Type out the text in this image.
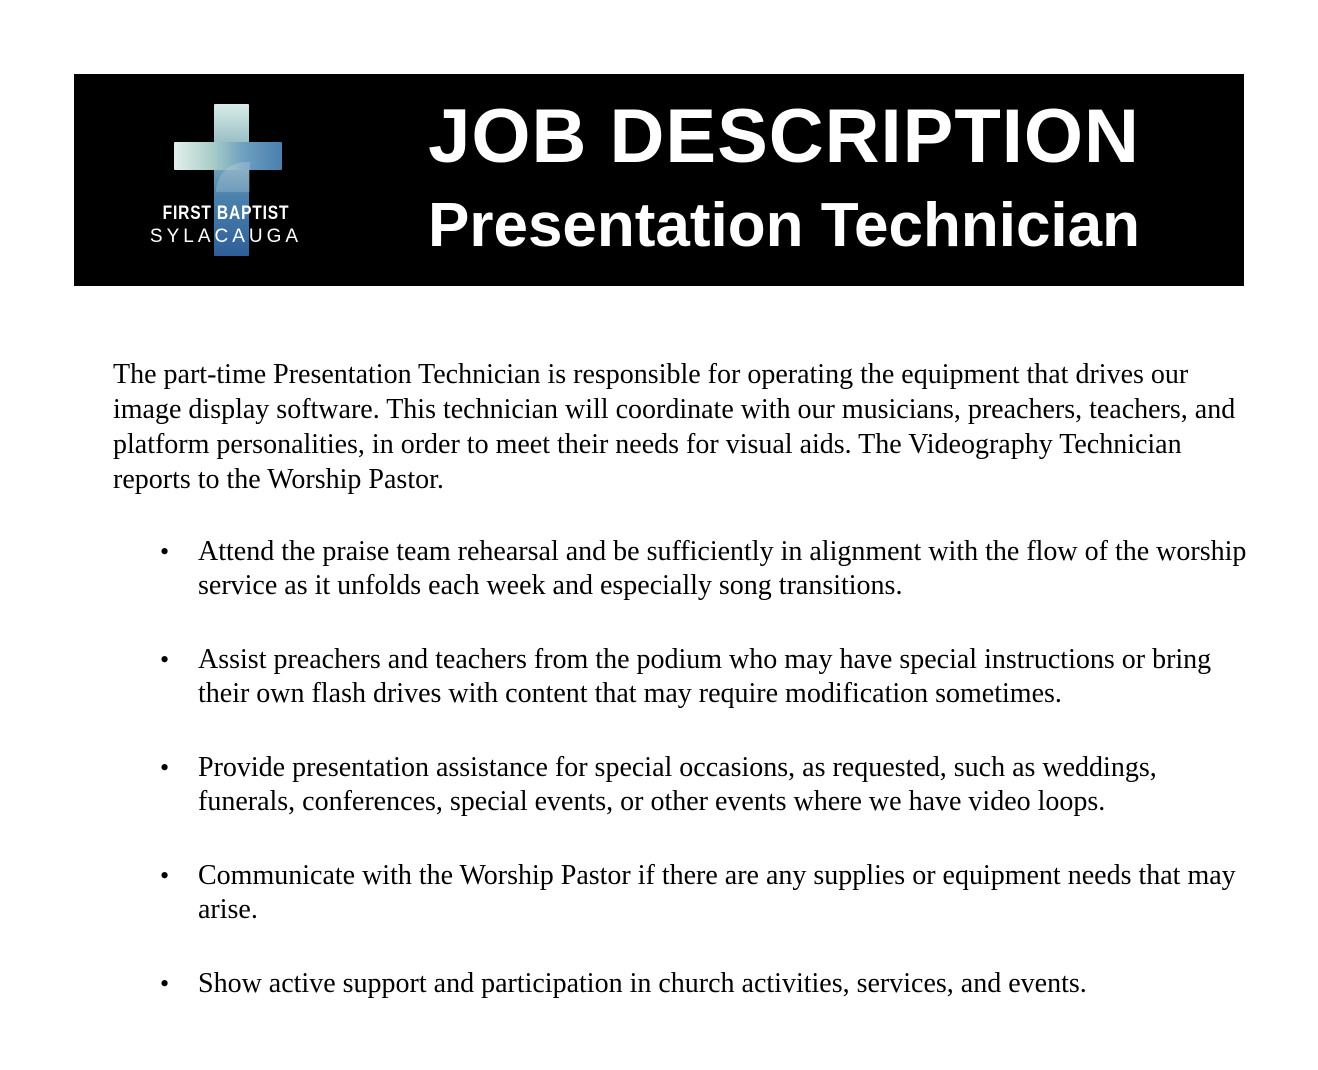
FIRST BAPTIST
SYLACAUGA
JOB DESCRIPTION
Presentation Technician

The part-time Presentation Technician is responsible for operating the equipment that drives our image display software. This technician will coordinate with our musicians, preachers, teachers, and platform personalities, in order to meet their needs for visual aids. The Videography Technician reports to the Worship Pastor.

• Attend the praise team rehearsal and be sufficiently in alignment with the flow of the worship service as it unfolds each week and especially song transitions.
• Assist preachers and teachers from the podium who may have special instructions or bring their own flash drives with content that may require modification sometimes.
• Provide presentation assistance for special occasions, as requested, such as weddings, funerals, conferences, special events, or other events where we have video loops.
• Communicate with the Worship Pastor if there are any supplies or equipment needs that may arise.
• Show active support and participation in church activities, services, and events.
